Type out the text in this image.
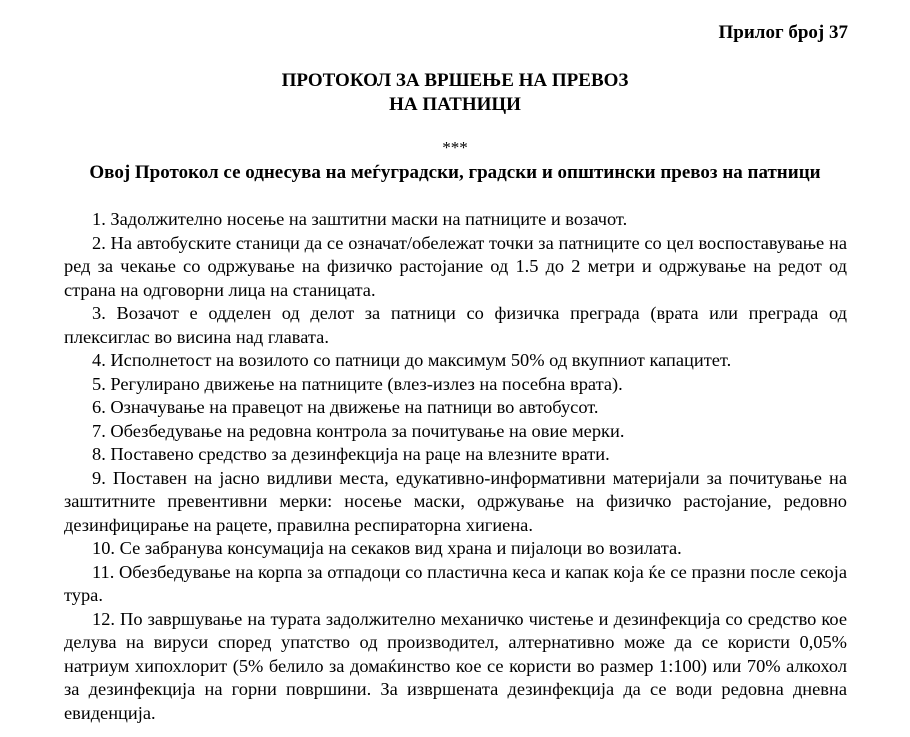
Прилог број 37
ПРОТОКОЛ ЗА ВРШЕЊЕ НА ПРЕВОЗ
НА ПАТНИЦИ
***
Овој Протокол се однесува на меѓуградски, градски и општински превоз на патници

1. Задолжително носење на заштитни маски на патниците и возачот.

2. На автобуските станици да се означат/обележат точки за патниците со цел воспоставување на ред за чекање со одржување на физичко растојание од 1.5 до 2 метри и одржување на редот од страна на одговорни лица на станицата.

3. Возачот е одделен од делот за патници со физичка преграда (врата или преграда од плексиглас во висина над главата.

4. Исполнетост на возилото со патници до максимум 50% од вкупниот капацитет.

5. Регулирано движење на патниците (влез-излез на посебна врата).

6. Означување на правецот на движење на патници во автобусот.

7. Обезбедување на редовна контрола за почитување на овие мерки.

8. Поставено средство за дезинфекција на раце на влезните врати.

9. Поставен на јасно видливи места, едукативно-информативни материјали за почитување на заштитните превентивни мерки: носење маски, одржување на физичко растојание, редовно дезинфицирање на рацете, правилна респираторна хигиена.

10. Се забранува консумација на секаков вид храна и пијалоци во возилата.

11. Обезбедување на корпа за отпадоци со пластична кеса и капак која ќе се празни после секоја тура.

12. По завршување на турата задолжително механичко чистење и дезинфекција со средство кое делува на вируси според упатство од производител, алтернативно може да се користи 0,05% натриум хипохлорит (5% белило за домаќинство кое се користи во размер 1:100) или 70% алкохол за дезинфекција на горни површини. За извршената дезинфекција да се води редовна дневна евиденција.
